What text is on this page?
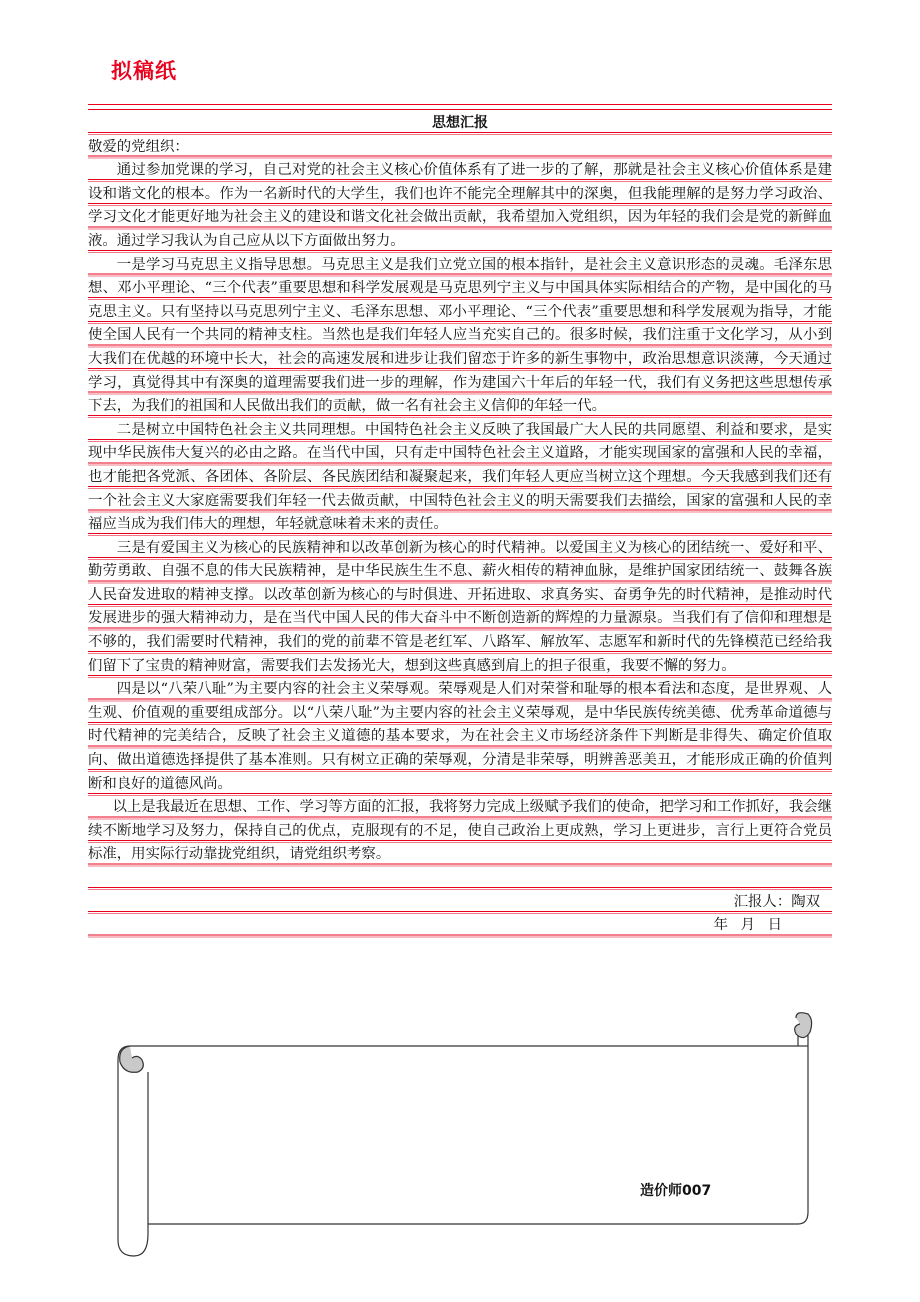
拟稿纸

思想汇报

敬爱的党组织：

通过参加党课的学习，自己对党的社会主义核心价值体系有了进一步的了解，那就是社会主义核心价值体系是建设和谐文化的根本。作为一名新时代的大学生，我们也许不能完全理解其中的深奥，但我能理解的是努力学习政治、学习文化才能更好地为社会主义的建设和谐文化社会做出贡献，我希望加入党组织，因为年轻的我们会是党的新鲜血液。通过学习我认为自己应从以下方面做出努力。

一是学习马克思主义指导思想。马克思主义是我们立党立国的根本指针，是社会主义意识形态的灵魂。毛泽东思想、邓小平理论、“三个代表”重要思想和科学发展观是马克思列宁主义与中国具体实际相结合的产物，是中国化的马克思主义。只有坚持以马克思列宁主义、毛泽东思想、邓小平理论、“三个代表”重要思想和科学发展观为指导，才能使全国人民有一个共同的精神支柱。当然也是我们年轻人应当充实自己的。很多时候，我们注重于文化学习，从小到大我们在优越的环境中长大，社会的高速发展和进步让我们留恋于许多的新生事物中，政治思想意识淡薄，今天通过学习，真觉得其中有深奥的道理需要我们进一步的理解，作为建国六十年后的年轻一代，我们有义务把这些思想传承下去，为我们的祖国和人民做出我们的贡献，做一名有社会主义信仰的年轻一代。

二是树立中国特色社会主义共同理想。中国特色社会主义反映了我国最广大人民的共同愿望、利益和要求，是实现中华民族伟大复兴的必由之路。在当代中国，只有走中国特色社会主义道路，才能实现国家的富强和人民的幸福，也才能把各党派、各团体、各阶层、各民族团结和凝聚起来，我们年轻人更应当树立这个理想。今天我感到我们还有一个社会主义大家庭需要我们年轻一代去做贡献，中国特色社会主义的明天需要我们去描绘，国家的富强和人民的幸福应当成为我们伟大的理想，年轻就意味着未来的责任。

三是有爱国主义为核心的民族精神和以改革创新为核心的时代精神。以爱国主义为核心的团结统一、爱好和平、勤劳勇敢、自强不息的伟大民族精神，是中华民族生生不息、薪火相传的精神血脉，是维护国家团结统一、鼓舞各族人民奋发进取的精神支撑。以改革创新为核心的与时俱进、开拓进取、求真务实、奋勇争先的时代精神，是推动时代发展进步的强大精神动力，是在当代中国人民的伟大奋斗中不断创造新的辉煌的力量源泉。当我们有了信仰和理想是不够的，我们需要时代精神，我们的党的前辈不管是老红军、八路军、解放军、志愿军和新时代的先锋模范已经给我们留下了宝贵的精神财富，需要我们去发扬光大，想到这些真感到肩上的担子很重，我要不懈的努力。

四是以“八荣八耻”为主要内容的社会主义荣辱观。荣辱观是人们对荣誉和耻辱的根本看法和态度，是世界观、人生观、价值观的重要组成部分。以“八荣八耻”为主要内容的社会主义荣辱观，是中华民族传统美德、优秀革命道德与时代精神的完美结合，反映了社会主义道德的基本要求，为在社会主义市场经济条件下判断是非得失、确定价值取向、做出道德选择提供了基本准则。只有树立正确的荣辱观，分清是非荣辱，明辨善恶美丑，才能形成正确的价值判断和良好的道德风尚。

以上是我最近在思想、工作、学习等方面的汇报，我将努力完成上级赋予我们的使命，把学习和工作抓好，我会继续不断地学习及努力，保持自己的优点，克服现有的不足，使自己政治上更成熟，学习上更进步，言行上更符合党员标准，用实际行动靠拢党组织，请党组织考察。

汇报人：陶双

年 月 日

造价师007
